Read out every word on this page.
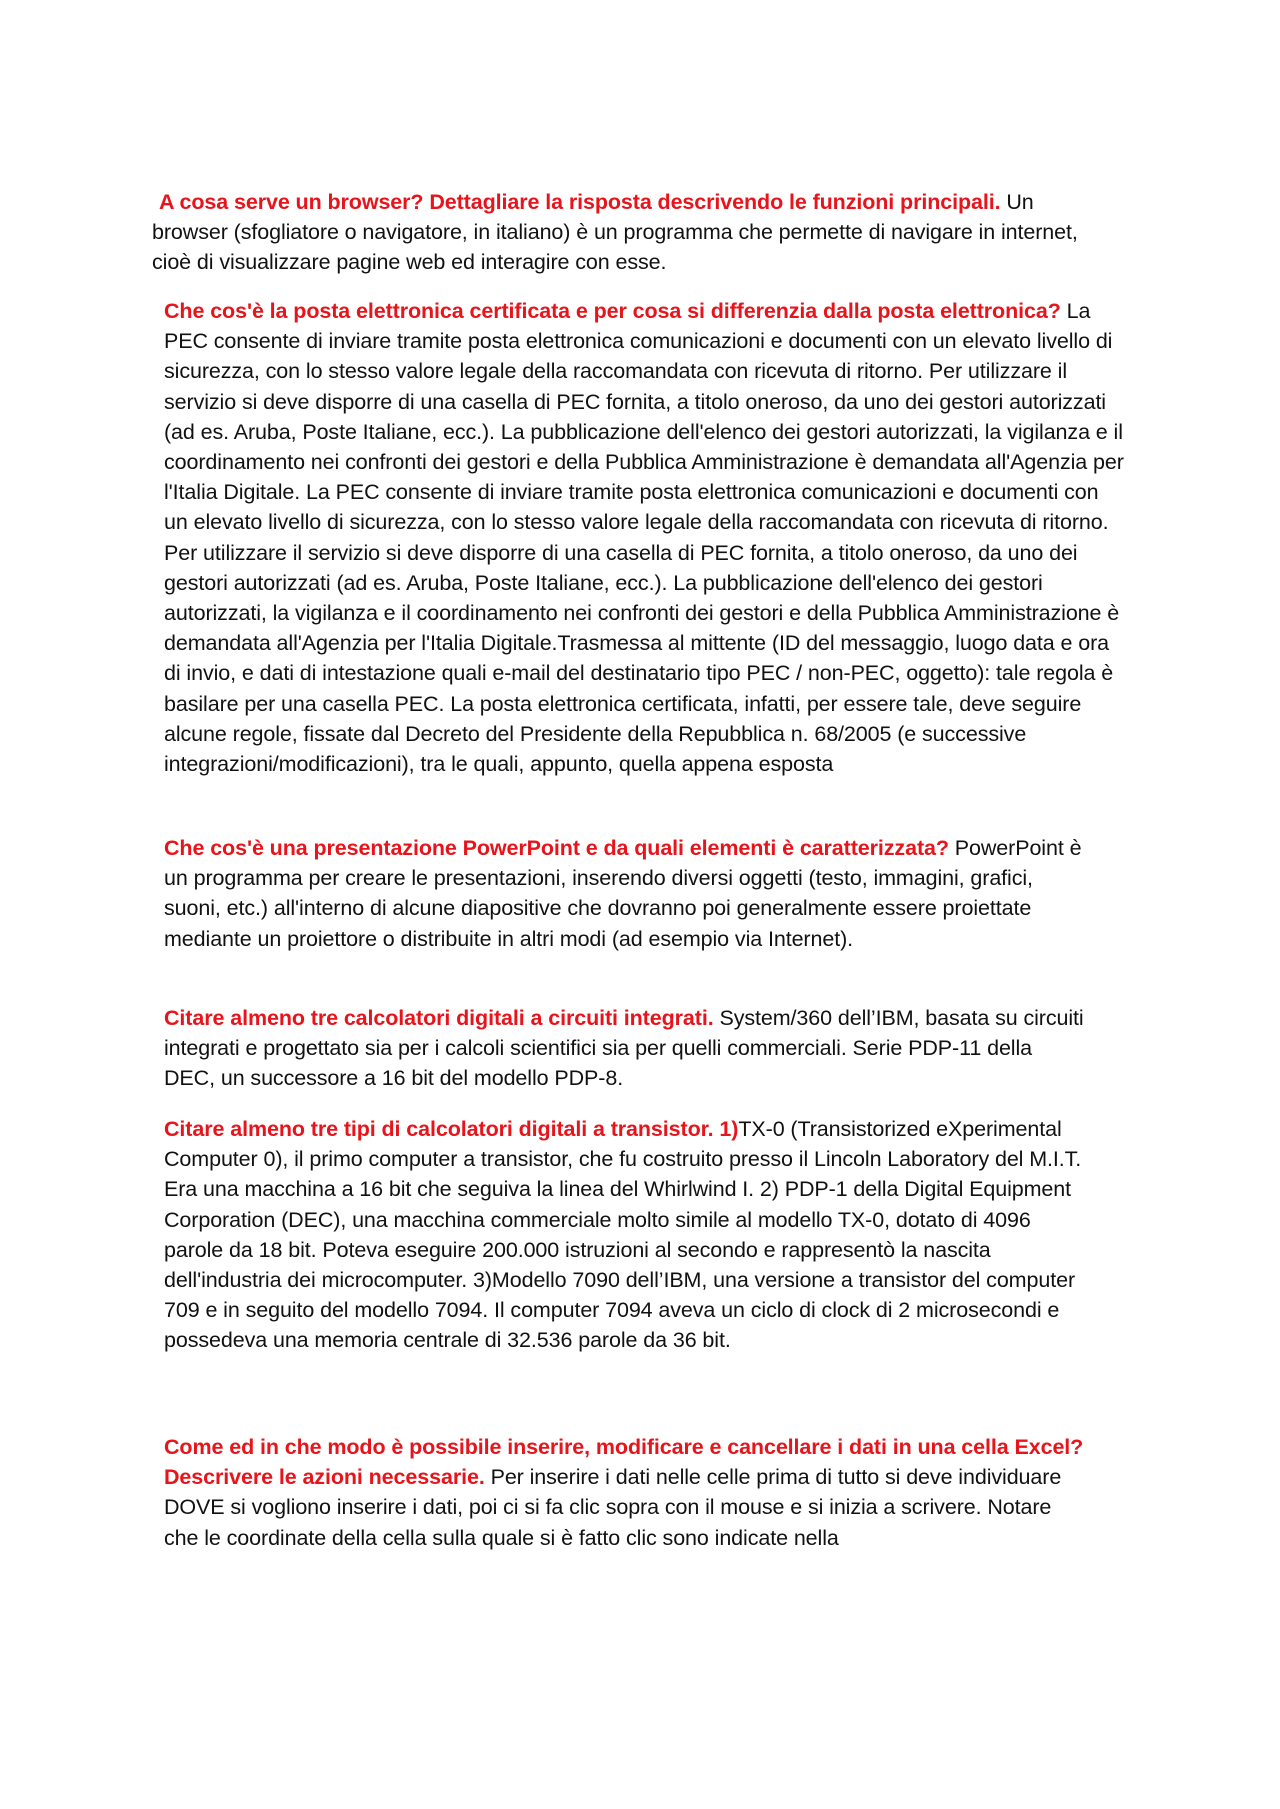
A cosa serve un browser? Dettagliare la risposta descrivendo le funzioni principali. Un browser (sfogliatore o navigatore, in italiano) è un programma che permette di navigare in internet, cioè di visualizzare pagine web ed interagire con esse.

Che cos'è la posta elettronica certificata e per cosa si differenzia dalla posta elettronica? La PEC consente di inviare tramite posta elettronica comunicazioni e documenti con un elevato livello di sicurezza, con lo stesso valore legale della raccomandata con ricevuta di ritorno. Per utilizzare il servizio si deve disporre di una casella di PEC fornita, a titolo oneroso, da uno dei gestori autorizzati (ad es. Aruba, Poste Italiane, ecc.). La pubblicazione dell'elenco dei gestori autorizzati, la vigilanza e il coordinamento nei confronti dei gestori e della Pubblica Amministrazione è demandata all'Agenzia per l'Italia Digitale. La PEC consente di inviare tramite posta elettronica comunicazioni e documenti con un elevato livello di sicurezza, con lo stesso valore legale della raccomandata con ricevuta di ritorno. Per utilizzare il servizio si deve disporre di una casella di PEC fornita, a titolo oneroso, da uno dei gestori autorizzati (ad es. Aruba, Poste Italiane, ecc.). La pubblicazione dell'elenco dei gestori autorizzati, la vigilanza e il coordinamento nei confronti dei gestori e della Pubblica Amministrazione è demandata all'Agenzia per l'Italia Digitale.Trasmessa al mittente (ID del messaggio, luogo data e ora di invio, e dati di intestazione quali e-mail del destinatario tipo PEC / non-PEC, oggetto): tale regola è basilare per una casella PEC. La posta elettronica certificata, infatti, per essere tale, deve seguire alcune regole, fissate dal Decreto del Presidente della Repubblica n. 68/2005 (e successive integrazioni/modificazioni), tra le quali, appunto, quella appena esposta

Che cos'è una presentazione PowerPoint e da quali elementi è caratterizzata? PowerPoint è un programma per creare le presentazioni, inserendo diversi oggetti (testo, immagini, grafici, suoni, etc.) all'interno di alcune diapositive che dovranno poi generalmente essere proiettate mediante un proiettore o distribuite in altri modi (ad esempio via Internet).

Citare almeno tre calcolatori digitali a circuiti integrati. System/360 dell’IBM, basata su circuiti integrati e progettato sia per i calcoli scientifici sia per quelli commerciali. Serie PDP-11 della DEC, un successore a 16 bit del modello PDP-8.

Citare almeno tre tipi di calcolatori digitali a transistor. 1)TX-0 (Transistorized eXperimental Computer 0), il primo computer a transistor, che fu costruito presso il Lincoln Laboratory del M.I.T. Era una macchina a 16 bit che seguiva la linea del Whirlwind I. 2) PDP-1 della Digital Equipment Corporation (DEC), una macchina commerciale molto simile al modello TX-0, dotato di 4096 parole da 18 bit. Poteva eseguire 200.000 istruzioni al secondo e rappresentò la nascita dell'industria dei microcomputer. 3)Modello 7090 dell’IBM, una versione a transistor del computer 709 e in seguito del modello 7094. Il computer 7094 aveva un ciclo di clock di 2 microsecondi e possedeva una memoria centrale di 32.536 parole da 36 bit.

Come ed in che modo è possibile inserire, modificare e cancellare i dati in una cella Excel? Descrivere le azioni necessarie. Per inserire i dati nelle celle prima di tutto si deve individuare DOVE si vogliono inserire i dati, poi ci si fa clic sopra con il mouse e si inizia a scrivere. Notare che le coordinate della cella sulla quale si è fatto clic sono indicate nella
